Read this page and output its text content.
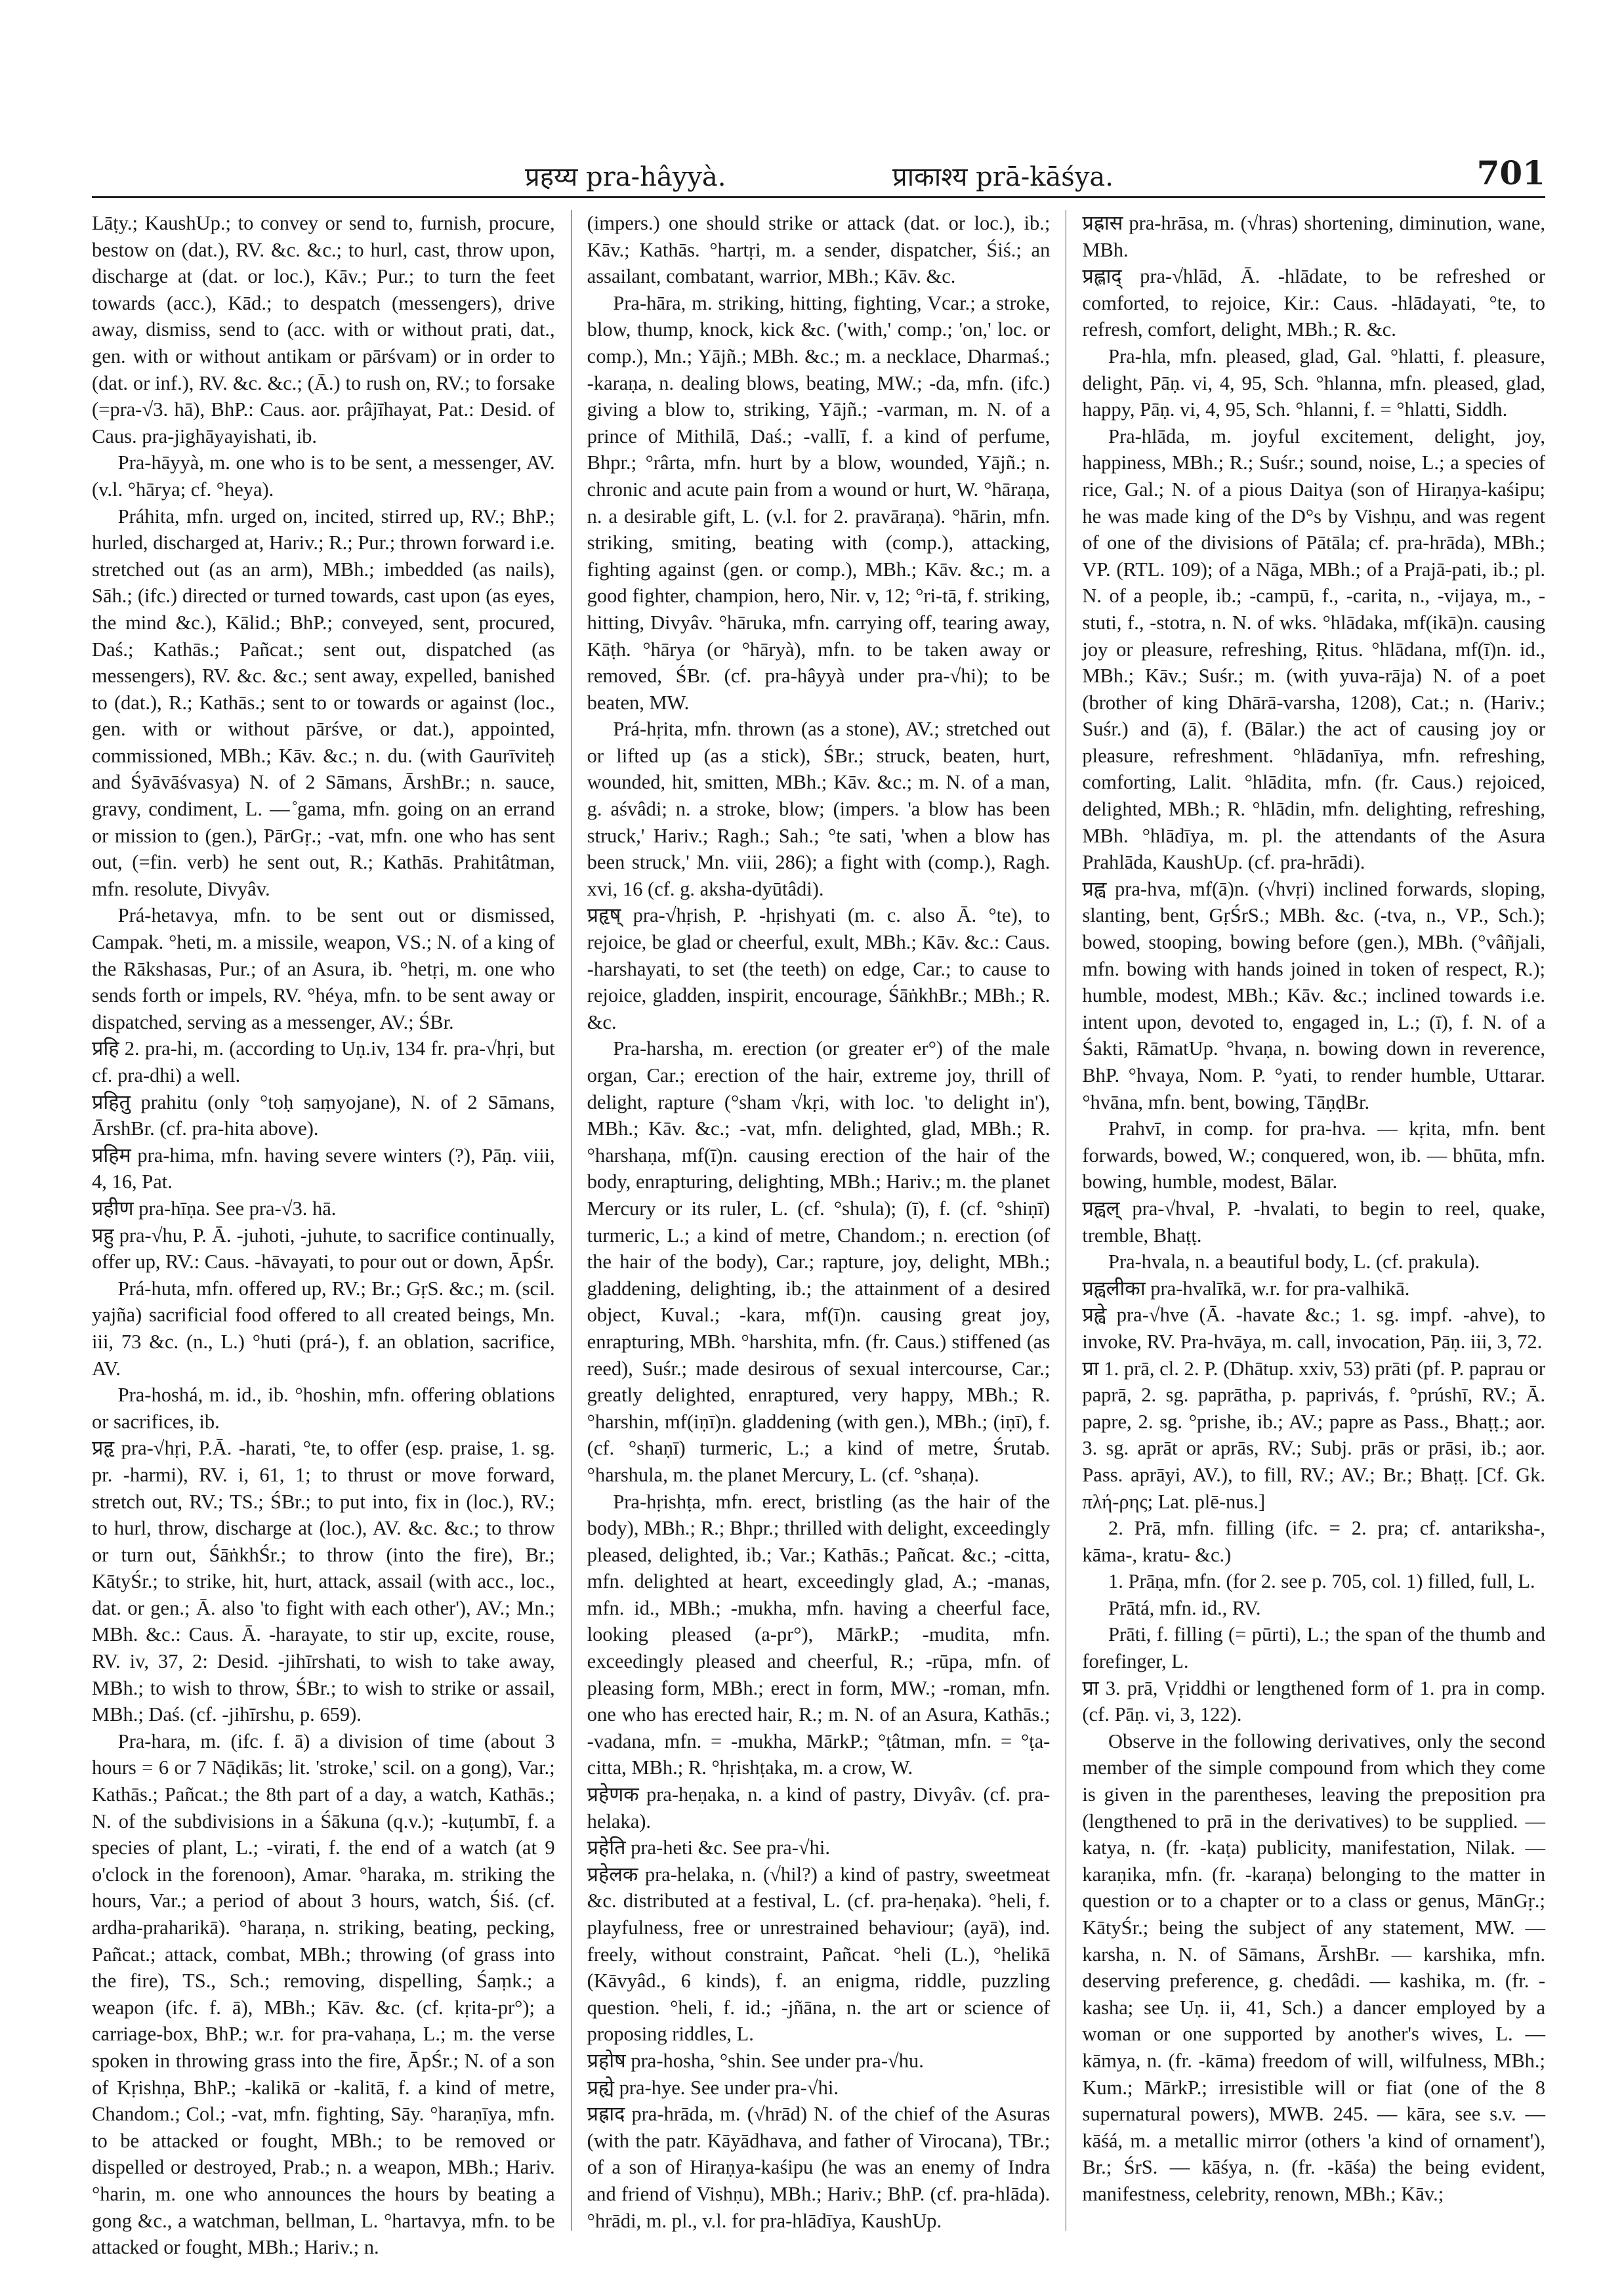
प्रहय्य pra-hâyyà.	प्राकाश्य prā-kāśya.	701

Lāṭy.; KaushUp.; to convey or send to, furnish, procure, bestow on (dat.), RV. &c. &c.; to hurl, cast, throw upon, discharge at (dat. or loc.), Kāv.; Pur.; to turn the feet towards (acc.), Kād.; to despatch (messengers), drive away, dismiss, send to (acc. with or without prati, dat., gen. with or without antikam or pārśvam) or in order to (dat. or inf.), RV. &c. &c.; (Ā.) to rush on, RV.; to forsake (=pra-√3. hā), BhP.: Caus. aor. prâjīhayat, Pat.: Desid. of Caus. pra-jighāyayishati, ib.

Pra-hāyyà, m. one who is to be sent, a messenger, AV. (v.l. °hārya; cf. °heya).

Práhita, mfn. urged on, incited, stirred up, RV.; BhP.; hurled, discharged at, Hariv.; R.; Pur.; thrown forward i.e. stretched out (as an arm), MBh.; imbedded (as nails), Sāh.; (ifc.) directed or turned towards, cast upon (as eyes, the mind &c.), Kālid.; BhP.; conveyed, sent, procured, Daś.; Kathās.; Pañcat.; sent out, dispatched (as messengers), RV. &c. &c.; sent away, expelled, banished to (dat.), R.; Kathās.; sent to or towards or against (loc., gen. with or without pārśve, or dat.), appointed, commissioned, MBh.; Kāv. &c.; n. du. (with Gaurīviteḥ and Śyāvāśvasya) N. of 2 Sāmans, ĀrshBr.; n. sauce, gravy, condiment, L. — ̊gama, mfn. going on an errand or mission to (gen.), PārGṛ.; -vat, mfn. one who has sent out, (=fin. verb) he sent out, R.; Kathās. Prahitâtman, mfn. resolute, Divyâv.

Prá-hetavya, mfn. to be sent out or dismissed, Campak. °heti, m. a missile, weapon, VS.; N. of a king of the Rākshasas, Pur.; of an Asura, ib. °hetṛi, m. one who sends forth or impels, RV. °héya, mfn. to be sent away or dispatched, serving as a messenger, AV.; ŚBr.

प्रहि 2. pra-hi, m. (according to Uṇ.iv, 134 fr. pra-√hṛi, but cf. pra-dhi) a well.

प्रहितु prahitu (only °toḥ saṃyojane), N. of 2 Sāmans, ĀrshBr. (cf. pra-hita above).

प्रहिम pra-hima, mfn. having severe winters (?), Pāṇ. viii, 4, 16, Pat.

प्रहीण pra-hīṇa. See pra-√3. hā.

प्रहु pra-√hu, P. Ā. -juhoti, -juhute, to sacrifice continually, offer up, RV.: Caus. -hāvayati, to pour out or down, ĀpŚr.

Prá-huta, mfn. offered up, RV.; Br.; GṛS. &c.; m. (scil. yajña) sacrificial food offered to all created beings, Mn. iii, 73 &c. (n., L.) °huti (prá-), f. an oblation, sacrifice, AV.

Pra-hoshá, m. id., ib. °hoshin, mfn. offering oblations or sacrifices, ib.

प्रहृ pra-√hṛi, P.Ā. -harati, °te, to offer (esp. praise, 1. sg. pr. -harmi), RV. i, 61, 1; to thrust or move forward, stretch out, RV.; TS.; ŚBr.; to put into, fix in (loc.), RV.; to hurl, throw, discharge at (loc.), AV. &c. &c.; to throw or turn out, ŚāṅkhŚr.; to throw (into the fire), Br.; KātyŚr.; to strike, hit, hurt, attack, assail (with acc., loc., dat. or gen.; Ā. also 'to fight with each other'), AV.; Mn.; MBh. &c.: Caus. Ā. -harayate, to stir up, excite, rouse, RV. iv, 37, 2: Desid. -jihīrshati, to wish to take away, MBh.; to wish to throw, ŚBr.; to wish to strike or assail, MBh.; Daś. (cf. -jihīrshu, p. 659).

Pra-hara, m. (ifc. f. ā) a division of time (about 3 hours = 6 or 7 Nāḍikās; lit. 'stroke,' scil. on a gong), Var.; Kathās.; Pañcat.; the 8th part of a day, a watch, Kathās.; N. of the subdivisions in a Śākuna (q.v.); -kuṭumbī, f. a species of plant, L.; -virati, f. the end of a watch (at 9 o'clock in the forenoon), Amar. °haraka, m. striking the hours, Var.; a period of about 3 hours, watch, Śiś. (cf. ardha-praharikā). °haraṇa, n. striking, beating, pecking, Pañcat.; attack, combat, MBh.; throwing (of grass into the fire), TS., Sch.; removing, dispelling, Śaṃk.; a weapon (ifc. f. ā), MBh.; Kāv. &c. (cf. kṛita-pr°); a carriage-box, BhP.; w.r. for pra-vahaṇa, L.; m. the verse spoken in throwing grass into the fire, ĀpŚr.; N. of a son of Kṛishṇa, BhP.; -kalikā or -kalitā, f. a kind of metre, Chandom.; Col.; -vat, mfn. fighting, Sāy. °haraṇīya, mfn. to be attacked or fought, MBh.; to be removed or dispelled or destroyed, Prab.; n. a weapon, MBh.; Hariv. °harin, m. one who announces the hours by beating a gong &c., a watchman, bellman, L. °hartavya, mfn. to be attacked or fought, MBh.; Hariv.; n.

(impers.) one should strike or attack (dat. or loc.), ib.; Kāv.; Kathās. °hartṛi, m. a sender, dispatcher, Śiś.; an assailant, combatant, warrior, MBh.; Kāv. &c.

Pra-hāra, m. striking, hitting, fighting, Vcar.; a stroke, blow, thump, knock, kick &c. ('with,' comp.; 'on,' loc. or comp.), Mn.; Yājñ.; MBh. &c.; m. a necklace, Dharmaś.; -karaṇa, n. dealing blows, beating, MW.; -da, mfn. (ifc.) giving a blow to, striking, Yājñ.; -varman, m. N. of a prince of Mithilā, Daś.; -vallī, f. a kind of perfume, Bhpr.; °rârta, mfn. hurt by a blow, wounded, Yājñ.; n. chronic and acute pain from a wound or hurt, W. °hāraṇa, n. a desirable gift, L. (v.l. for 2. pravāraṇa). °hārin, mfn. striking, smiting, beating with (comp.), attacking, fighting against (gen. or comp.), MBh.; Kāv. &c.; m. a good fighter, champion, hero, Nir. v, 12; °ri-tā, f. striking, hitting, Divyâv. °hāruka, mfn. carrying off, tearing away, Kāṭh. °hārya (or °hāryà), mfn. to be taken away or removed, ŚBr. (cf. pra-hâyyà under pra-√hi); to be beaten, MW.

Prá-hṛita, mfn. thrown (as a stone), AV.; stretched out or lifted up (as a stick), ŚBr.; struck, beaten, hurt, wounded, hit, smitten, MBh.; Kāv. &c.; m. N. of a man, g. aśvâdi; n. a stroke, blow; (impers. 'a blow has been struck,' Hariv.; Ragh.; Sah.; °te sati, 'when a blow has been struck,' Mn. viii, 286); a fight with (comp.), Ragh. xvi, 16 (cf. g. aksha-dyūtâdi).

प्रहृष् pra-√hṛish, P. -hṛishyati (m. c. also Ā. °te), to rejoice, be glad or cheerful, exult, MBh.; Kāv. &c.: Caus. -harshayati, to set (the teeth) on edge, Car.; to cause to rejoice, gladden, inspirit, encourage, ŚāṅkhBr.; MBh.; R. &c.

Pra-harsha, m. erection (or greater er°) of the male organ, Car.; erection of the hair, extreme joy, thrill of delight, rapture (°sham √kṛi, with loc. 'to delight in'), MBh.; Kāv. &c.; -vat, mfn. delighted, glad, MBh.; R. °harshaṇa, mf(ī)n. causing erection of the hair of the body, enrapturing, delighting, MBh.; Hariv.; m. the planet Mercury or its ruler, L. (cf. °shula); (ī), f. (cf. °shiṇī) turmeric, L.; a kind of metre, Chandom.; n. erection (of the hair of the body), Car.; rapture, joy, delight, MBh.; gladdening, delighting, ib.; the attainment of a desired object, Kuval.; -kara, mf(ī)n. causing great joy, enrapturing, MBh. °harshita, mfn. (fr. Caus.) stiffened (as reed), Suśr.; made desirous of sexual intercourse, Car.; greatly delighted, enraptured, very happy, MBh.; R. °harshin, mf(iṇī)n. gladdening (with gen.), MBh.; (iṇī), f. (cf. °shaṇī) turmeric, L.; a kind of metre, Śrutab. °harshula, m. the planet Mercury, L. (cf. °shaṇa).

Pra-hṛishṭa, mfn. erect, bristling (as the hair of the body), MBh.; R.; Bhpr.; thrilled with delight, exceedingly pleased, delighted, ib.; Var.; Kathās.; Pañcat. &c.; -citta, mfn. delighted at heart, exceedingly glad, A.; -manas, mfn. id., MBh.; -mukha, mfn. having a cheerful face, looking pleased (a-pr°), MārkP.; -mudita, mfn. exceedingly pleased and cheerful, R.; -rūpa, mfn. of pleasing form, MBh.; erect in form, MW.; -roman, mfn. one who has erected hair, R.; m. N. of an Asura, Kathās.; -vadana, mfn. = -mukha, MārkP.; °ṭâtman, mfn. = °ṭa-citta, MBh.; R. °hṛishṭaka, m. a crow, W.

प्रहेणक pra-heṇaka, n. a kind of pastry, Divyâv. (cf. pra-helaka).

प्रहेति pra-heti &c. See pra-√hi.

प्रहेलक pra-helaka, n. (√hil?) a kind of pastry, sweetmeat &c. distributed at a festival, L. (cf. pra-heṇaka). °heli, f. playfulness, free or unrestrained behaviour; (ayā), ind. freely, without constraint, Pañcat. °heli (L.), °helikā (Kāvyâd., 6 kinds), f. an enigma, riddle, puzzling question. °heli, f. id.; -jñāna, n. the art or science of proposing riddles, L.

प्रहोष pra-hosha, °shin. See under pra-√hu.

प्रह्ये pra-hye. See under pra-√hi.

प्रह्राद pra-hrāda, m. (√hrād) N. of the chief of the Asuras (with the patr. Kāyādhava, and father of Virocana), TBr.; of a son of Hiraṇya-kaśipu (he was an enemy of Indra and friend of Vishṇu), MBh.; Hariv.; BhP. (cf. pra-hlāda). °hrādi, m. pl., v.l. for pra-hlādīya, KaushUp.

प्रह्रास pra-hrāsa, m. (√hras) shortening, diminution, wane, MBh.

प्रह्लाद् pra-√hlād, Ā. -hlādate, to be refreshed or comforted, to rejoice, Kir.: Caus. -hlādayati, °te, to refresh, comfort, delight, MBh.; R. &c.

Pra-hla, mfn. pleased, glad, Gal. °hlatti, f. pleasure, delight, Pāṇ. vi, 4, 95, Sch. °hlanna, mfn. pleased, glad, happy, Pāṇ. vi, 4, 95, Sch. °hlanni, f. = °hlatti, Siddh.

Pra-hlāda, m. joyful excitement, delight, joy, happiness, MBh.; R.; Suśr.; sound, noise, L.; a species of rice, Gal.; N. of a pious Daitya (son of Hiraṇya-kaśipu; he was made king of the D°s by Vishṇu, and was regent of one of the divisions of Pātāla; cf. pra-hrāda), MBh.; VP. (RTL. 109); of a Nāga, MBh.; of a Prajā-pati, ib.; pl. N. of a people, ib.; -campū, f., -carita, n., -vijaya, m., -stuti, f., -stotra, n. N. of wks. °hlādaka, mf(ikā)n. causing joy or pleasure, refreshing, Ṛitus. °hlādana, mf(ī)n. id., MBh.; Kāv.; Suśr.; m. (with yuva-rāja) N. of a poet (brother of king Dhārā-varsha, 1208), Cat.; n. (Hariv.; Suśr.) and (ā), f. (Bālar.) the act of causing joy or pleasure, refreshment. °hlādanīya, mfn. refreshing, comforting, Lalit. °hlādita, mfn. (fr. Caus.) rejoiced, delighted, MBh.; R. °hlādin, mfn. delighting, refreshing, MBh. °hlādīya, m. pl. the attendants of the Asura Prahlāda, KaushUp. (cf. pra-hrādi).

प्रह्व pra-hva, mf(ā)n. (√hvṛi) inclined forwards, sloping, slanting, bent, GṛŚrS.; MBh. &c. (-tva, n., VP., Sch.); bowed, stooping, bowing before (gen.), MBh. (°vâñjali, mfn. bowing with hands joined in token of respect, R.); humble, modest, MBh.; Kāv. &c.; inclined towards i.e. intent upon, devoted to, engaged in, L.; (ī), f. N. of a Śakti, RāmatUp. °hvaṇa, n. bowing down in reverence, BhP. °hvaya, Nom. P. °yati, to render humble, Uttarar. °hvāna, mfn. bent, bowing, TāṇḍBr.

Prahvī, in comp. for pra-hva. — kṛita, mfn. bent forwards, bowed, W.; conquered, won, ib. — bhūta, mfn. bowing, humble, modest, Bālar.

प्रह्वल् pra-√hval, P. -hvalati, to begin to reel, quake, tremble, Bhaṭṭ.

Pra-hvala, n. a beautiful body, L. (cf. prakula).

प्रह्वलीका pra-hvalīkā, w.r. for pra-valhikā.

प्रह्वे pra-√hve (Ā. -havate &c.; 1. sg. impf. -ahve), to invoke, RV. Pra-hvāya, m. call, invocation, Pāṇ. iii, 3, 72.

प्रा 1. prā, cl. 2. P. (Dhātup. xxiv, 53) prāti (pf. P. paprau or paprā, 2. sg. paprātha, p. paprivás, f. °prúshī, RV.; Ā. papre, 2. sg. °prishe, ib.; AV.; papre as Pass., Bhaṭṭ.; aor. 3. sg. aprāt or aprās, RV.; Subj. prās or prāsi, ib.; aor. Pass. aprāyi, AV.), to fill, RV.; AV.; Br.; Bhaṭṭ. [Cf. Gk. πλή-ρης; Lat. plē-nus.]

2. Prā, mfn. filling (ifc. = 2. pra; cf. antariksha-, kāma-, kratu- &c.)

1. Prāṇa, mfn. (for 2. see p. 705, col. 1) filled, full, L.

Prātá, mfn. id., RV.

Prāti, f. filling (= pūrti), L.; the span of the thumb and forefinger, L.

प्रा 3. prā, Vṛiddhi or lengthened form of 1. pra in comp. (cf. Pāṇ. vi, 3, 122).

Observe in the following derivatives, only the second member of the simple compound from which they come is given in the parentheses, leaving the preposition pra (lengthened to prā in the derivatives) to be supplied. — katya, n. (fr. -kaṭa) publicity, manifestation, Nilak. — karaṇika, mfn. (fr. -karaṇa) belonging to the matter in question or to a chapter or to a class or genus, MānGṛ.; KātyŚr.; being the subject of any statement, MW. — karsha, n. N. of Sāmans, ĀrshBr. — karshika, mfn. deserving preference, g. chedâdi. — kashika, m. (fr. -kasha; see Uṇ. ii, 41, Sch.) a dancer employed by a woman or one supported by another's wives, L. — kāmya, n. (fr. -kāma) freedom of will, wilfulness, MBh.; Kum.; MārkP.; irresistible will or fiat (one of the 8 supernatural powers), MWB. 245. — kāra, see s.v. — kāśá, m. a metallic mirror (others 'a kind of ornament'), Br.; ŚrS. — kāśya, n. (fr. -kāśa) the being evident, manifestness, celebrity, renown, MBh.; Kāv.;
